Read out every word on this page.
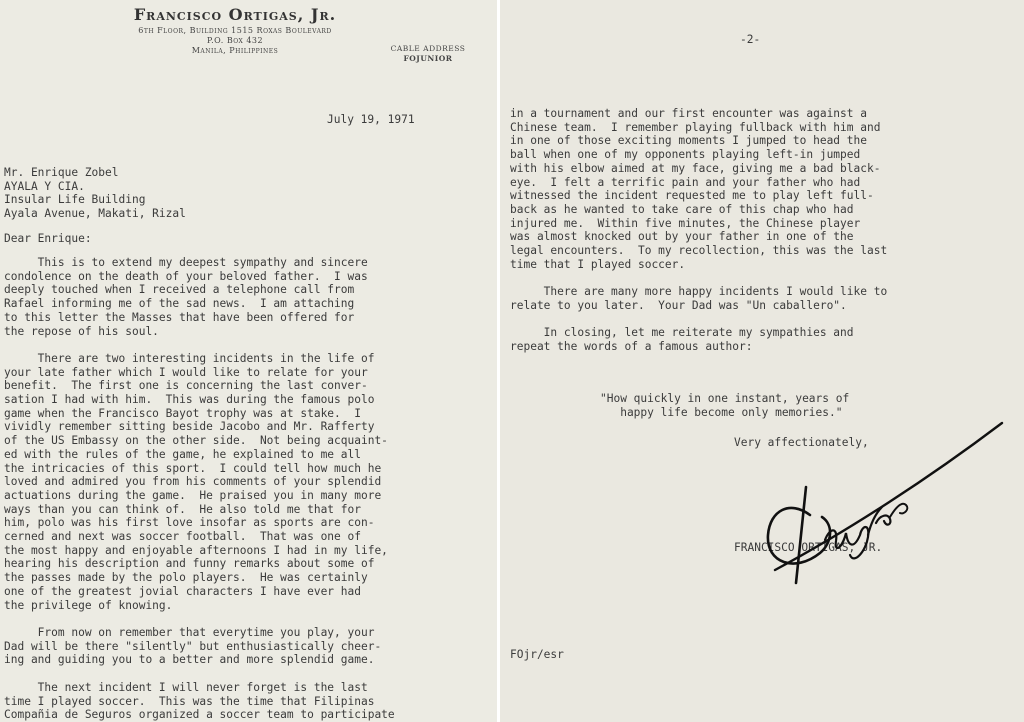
Francisco Ortigas, Jr.
6th Floor, Building 1515 Roxas Boulevard
P.O. Box 432
Manila, Philippines	CABLE ADDRESS
FOJUNIOR
July 19, 1971
Mr. Enrique Zobel
AYALA Y CIA.
Insular Life Building
Ayala Avenue, Makati, Rizal
Dear Enrique:
This is to extend my deepest sympathy and sincere
condolence on the death of your beloved father.  I was
deeply touched when I received a telephone call from
Rafael informing me of the sad news.  I am attaching
to this letter the Masses that have been offered for
the repose of his soul.

There are two interesting incidents in the life of
your late father which I would like to relate for your
benefit.  The first one is concerning the last conver-
sation I had with him.  This was during the famous polo
game when the Francisco Bayot trophy was at stake.  I
vividly remember sitting beside Jacobo and Mr. Rafferty
of the US Embassy on the other side.  Not being acquaint-
ed with the rules of the game, he explained to me all
the intricacies of this sport.  I could tell how much he
loved and admired you from his comments of your splendid
actuations during the game.  He praised you in many more
ways than you can think of.  He also told me that for
him, polo was his first love insofar as sports are con-
cerned and next was soccer football.  That was one of
the most happy and enjoyable afternoons I had in my life,
hearing his description and funny remarks about some of
the passes made by the polo players.  He was certainly
one of the greatest jovial characters I have ever had
the privilege of knowing.

From now on remember that everytime you play, your
Dad will be there "silently" but enthusiastically cheer-
ing and guiding you to a better and more splendid game.

The next incident I will never forget is the last
time I played soccer.  This was the time that Filipinas
Compañia de Seguros organized a soccer team to participate
-2-
in a tournament and our first encounter was against a
Chinese team.  I remember playing fullback with him and
in one of those exciting moments I jumped to head the
ball when one of my opponents playing left-in jumped
with his elbow aimed at my face, giving me a bad black-
eye.  I felt a terrific pain and your father who had
witnessed the incident requested me to play left full-
back as he wanted to take care of this chap who had
injured me.  Within five minutes, the Chinese player
was almost knocked out by your father in one of the
legal encounters.  To my recollection, this was the last
time that I played soccer.

There are many more happy incidents I would like to
relate to you later.  Your Dad was "Un caballero".

In closing, let me reiterate my sympathies and
repeat the words of a famous author:
"How quickly in one instant, years of
happy life become only memories."
Very affectionately,
FRANCISCO ORTIGAS, JR.
FOjr/esr
